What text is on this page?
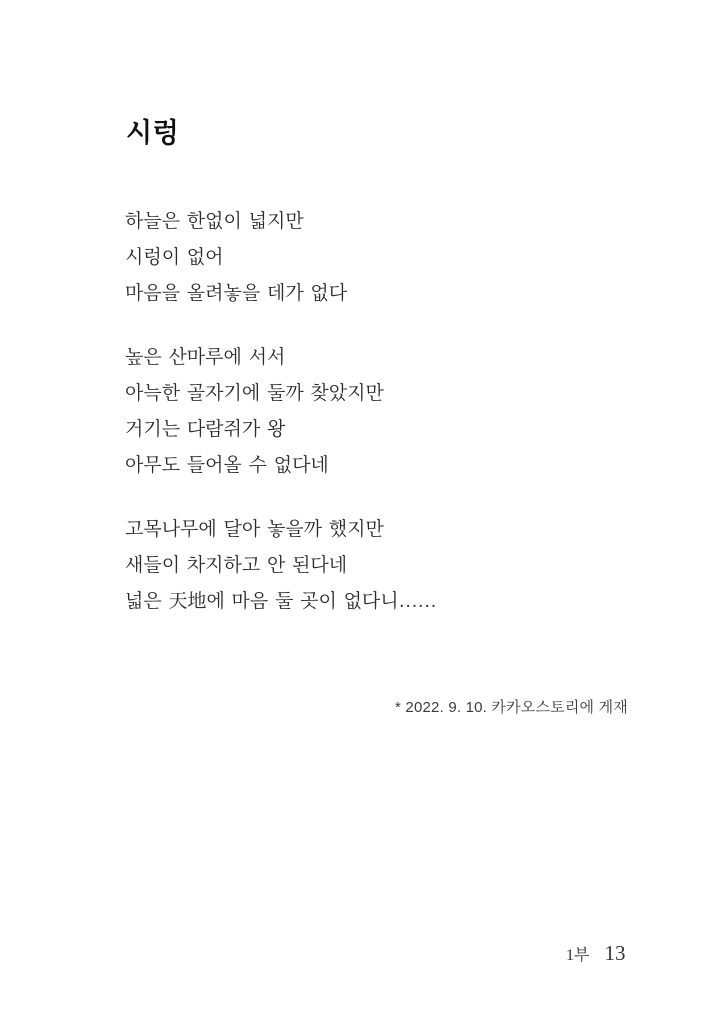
시렁

하늘은 한없이 넓지만

시렁이 없어

마음을 올려놓을 데가 없다

높은 산마루에 서서

아늑한 골자기에 둘까 찾았지만

거기는 다람쥐가 왕

아무도 들어올 수 없다네

고목나무에 달아 놓을까 했지만

새들이 차지하고 안 된다네

넓은 天地에 마음 둘 곳이 없다니……

* 2022. 9. 10. 카카오스토리에 게재
1부 13
